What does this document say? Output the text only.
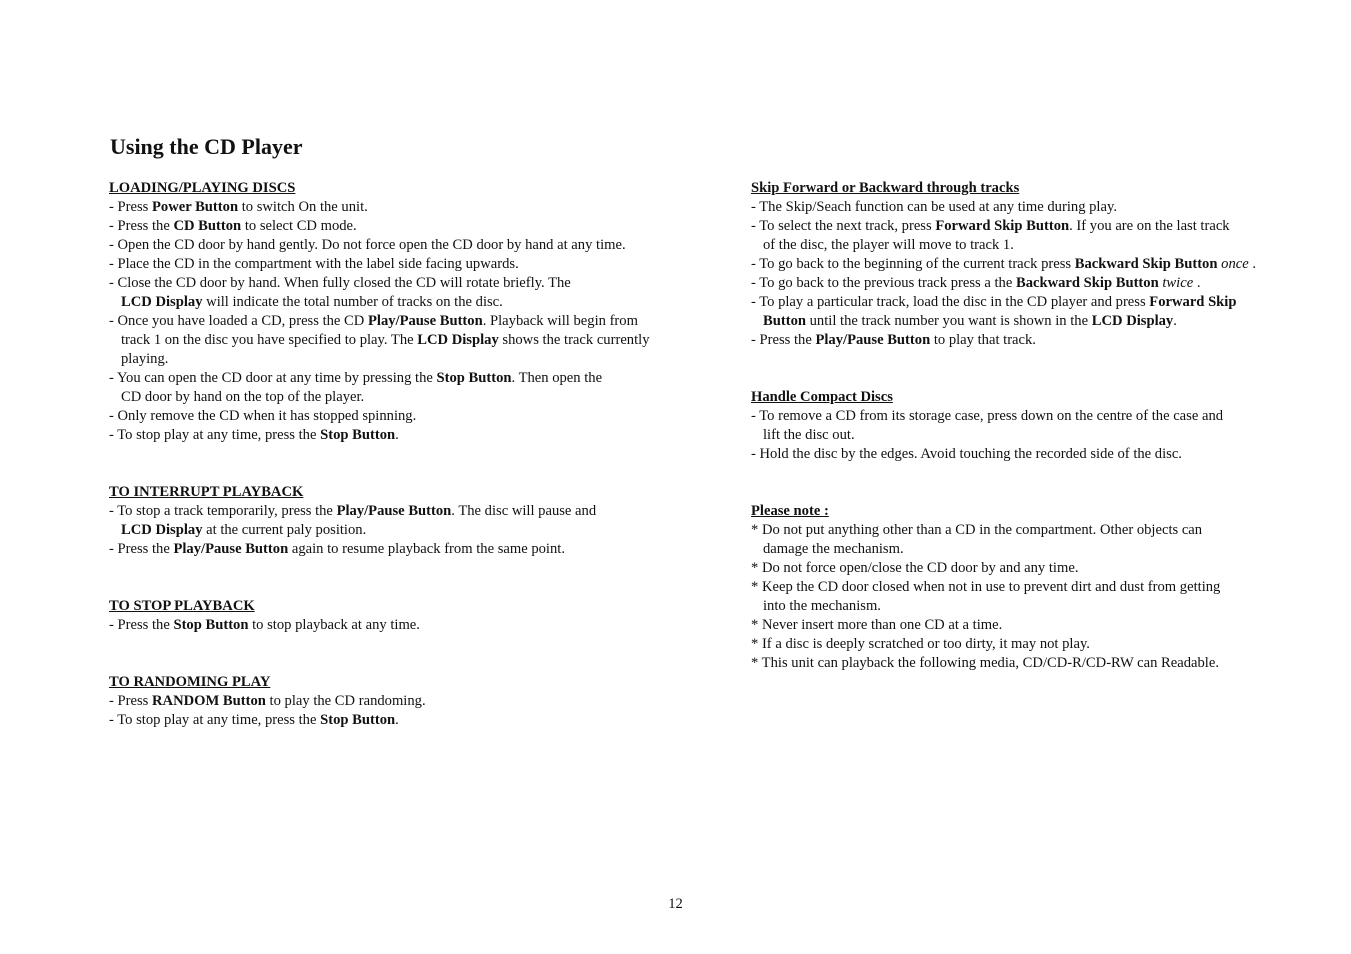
Using the CD Player
LOADING/PLAYING DISCS
- Press Power Button to switch On the unit.
- Press the CD Button to select CD mode.
- Open the CD door by hand gently. Do not force open the CD door by hand at any time.
- Place the CD in the compartment with the label side facing upwards.
- Close the CD door by hand. When fully closed the CD will rotate briefly. The
LCD Display will indicate the total number of tracks on the disc.
- Once you have loaded a CD, press the CD Play/Pause Button. Playback will begin from
track 1 on the disc you have specified to play. The LCD Display shows the track currently
playing.
- You can open the CD door at any time by pressing the Stop Button. Then open the
CD door by hand on the top of the player.
- Only remove the CD when it has stopped spinning.
- To stop play at any time, press the Stop Button.
TO INTERRUPT PLAYBACK
- To stop a track temporarily, press the Play/Pause Button. The disc will pause and
LCD Display at the current paly position.
- Press the Play/Pause Button again to resume playback from the same point.
TO STOP PLAYBACK
- Press the Stop Button to stop playback at any time.
TO RANDOMING PLAY
- Press RANDOM Button to play the CD randoming.
- To stop play at any time, press the Stop Button.
Skip Forward or Backward through tracks
- The Skip/Seach function can be used at any time during play.
- To select the next track, press Forward Skip Button. If you are on the last track
of the disc, the player will move to track 1.
- To go back to the beginning of the current track press Backward Skip Button once .
- To go back to the previous track press a the Backward Skip Button twice .
- To play a particular track, load the disc in the CD player and press Forward Skip
Button until the track number you want is shown in the LCD Display.
- Press the Play/Pause Button to play that track.
Handle Compact Discs
- To remove a CD from its storage case, press down on the centre of the case and
lift the disc out.
- Hold the disc by the edges. Avoid touching the recorded side of the disc.
Please note :
* Do not put anything other than a CD in the compartment. Other objects can
damage the mechanism.
* Do not force open/close the CD door by and any time.
* Keep the CD door closed when not in use to prevent dirt and dust from getting
into the mechanism.
* Never insert more than one CD at a time.
* If a disc is deeply scratched or too dirty, it may not play.
* This unit can playback the following media, CD/CD-R/CD-RW can Readable.
12
